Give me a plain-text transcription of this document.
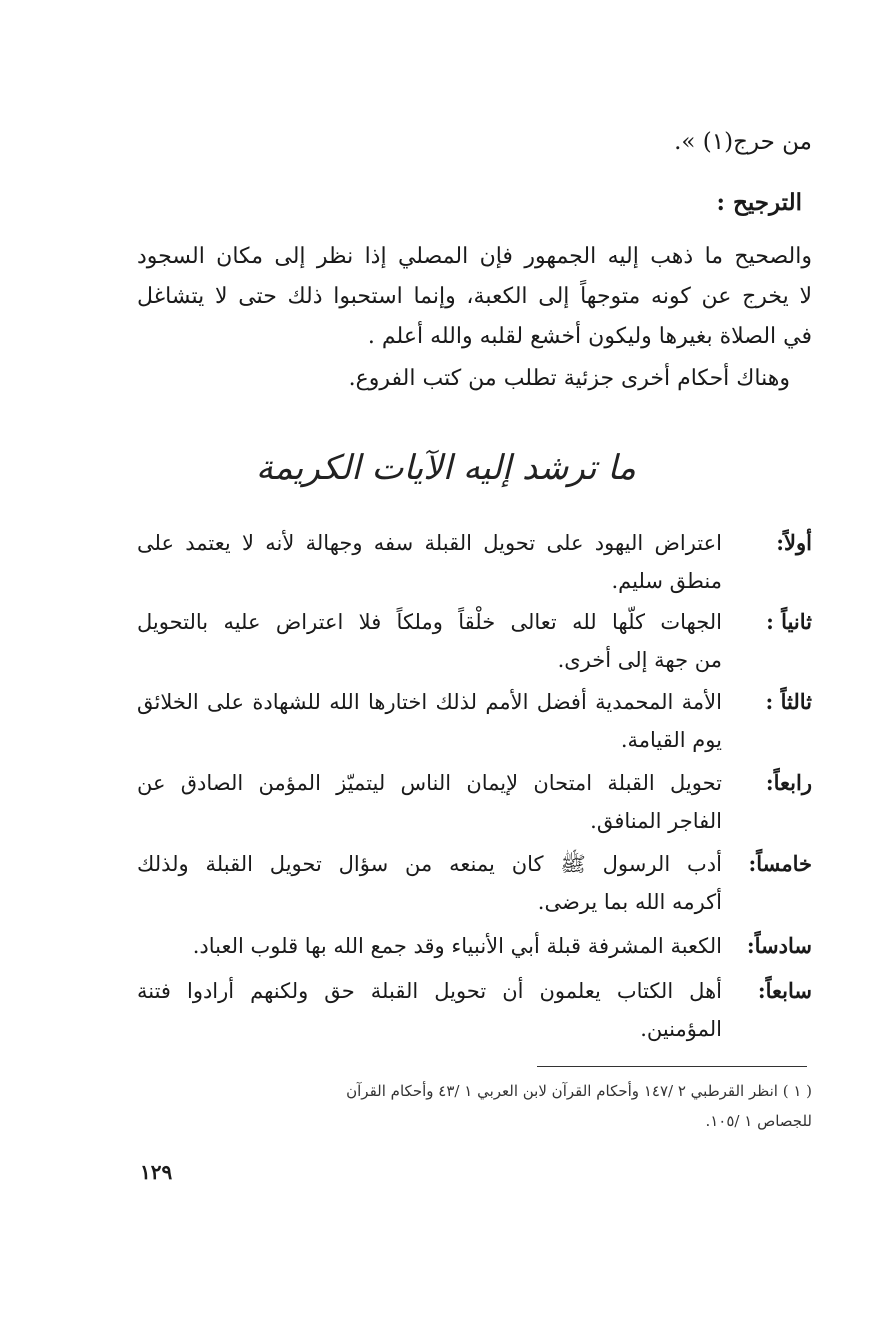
من حرج(١) ».
الترجيح :
والصحيح ما ذهب إليه الجمهور فإن المصلي إذا نظر إلى مكان السجود
لا يخرج عن كونه متوجهاً إلى الكعبة، وإنما استحبوا ذلك حتى لا يتشاغل
في الصلاة بغيرها وليكون أخشع لقلبه والله أعلم .
وهناك أحكام أخرى جزئية تطلب من كتب الفروع.
ما ترشد إليه الآيات الكريمة
أولاً:
اعتراض اليهود على تحويل القبلة سفه وجهالة لأنه لا يعتمد على
منطق سليم.
ثانياً :
الجهات كلّها لله تعالى خلْقاً وملكاً فلا اعتراض عليه بالتحويل
من جهة إلى أخرى.
ثالثاً :
الأمة المحمدية أفضل الأمم لذلك اختارها الله للشهادة على الخلائق
يوم القيامة.
رابعاً:
تحويل القبلة امتحان لإيمان الناس ليتميّز المؤمن الصادق عن
الفاجر المنافق.
خامساً:
أدب الرسول ﷺ كان يمنعه من سؤال تحويل القبلة ولذلك
أكرمه الله بما يرضى.
سادساً:
الكعبة المشرفة قبلة أبي الأنبياء وقد جمع الله بها قلوب العباد.
سابعاً:
أهل الكتاب يعلمون أن تحويل القبلة حق ولكنهم أرادوا فتنة
المؤمنين.
( ١ ) انظر القرطبي ٢ /١٤٧ وأحكام القرآن لابن العربي ١ /٤٣ وأحكام القرآن
للجصاص ١ /١٠٥.
١٢٩
